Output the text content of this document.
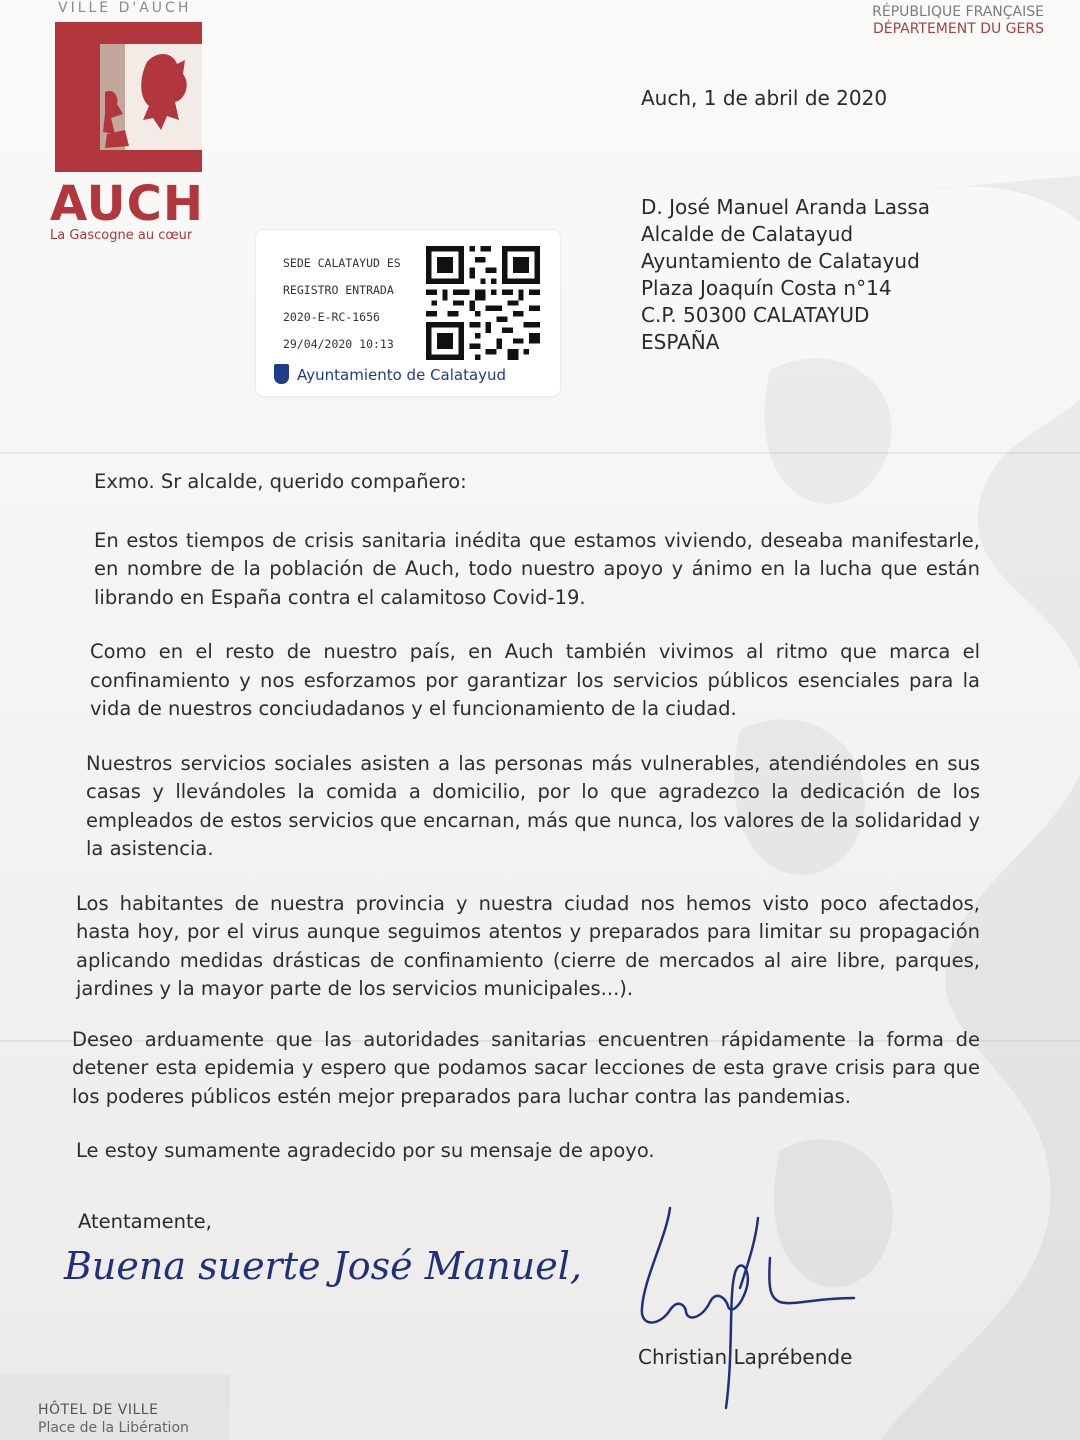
VILLE D'AUCH
AUCH
La Gascogne au cœur
RÉPUBLIQUE FRANÇAISE
DÉPARTEMENT DU GERS
Auch, 1 de abril de 2020
D. José Manuel Aranda Lassa
Alcalde de Calatayud
Ayuntamiento de Calatayud
Plaza Joaquín Costa n°14
C.P. 50300 CALATAYUD
ESPAÑA
SEDE CALATAYUD ES
REGISTRO ENTRADA
2020-E-RC-1656
29/04/2020 10:13
Ayuntamiento de Calatayud

Exmo. Sr alcalde, querido compañero:

En estos tiempos de crisis sanitaria inédita que estamos viviendo, deseaba manifestarle, en nombre de la población de Auch, todo nuestro apoyo y ánimo en la lucha que están librando en España contra el calamitoso Covid-19.

Como en el resto de nuestro país, en Auch también vivimos al ritmo que marca el confinamiento y nos esforzamos por garantizar los servicios públicos esenciales para la vida de nuestros conciudadanos y el funcionamiento de la ciudad.

Nuestros servicios sociales asisten a las personas más vulnerables, atendiéndoles en sus casas y llevándoles la comida a domicilio, por lo que agradezco la dedicación de los empleados de estos servicios que encarnan, más que nunca, los valores de la solidaridad y la asistencia.

Los habitantes de nuestra provincia y nuestra ciudad nos hemos visto poco afectados, hasta hoy, por el virus aunque seguimos atentos y preparados para limitar su propagación aplicando medidas drásticas de confinamiento (cierre de mercados al aire libre, parques, jardines y la mayor parte de los servicios municipales...).

Deseo arduamente que las autoridades sanitarias encuentren rápidamente la forma de detener esta epidemia y espero que podamos sacar lecciones de esta grave crisis para que los poderes públicos estén mejor preparados para luchar contra las pandemias.

Le estoy sumamente agradecido por su mensaje de apoyo.

Atentamente,
Buena suerte José Manuel,
Christian Laprébende
HÔTEL DE VILLE
Place de la Libération
